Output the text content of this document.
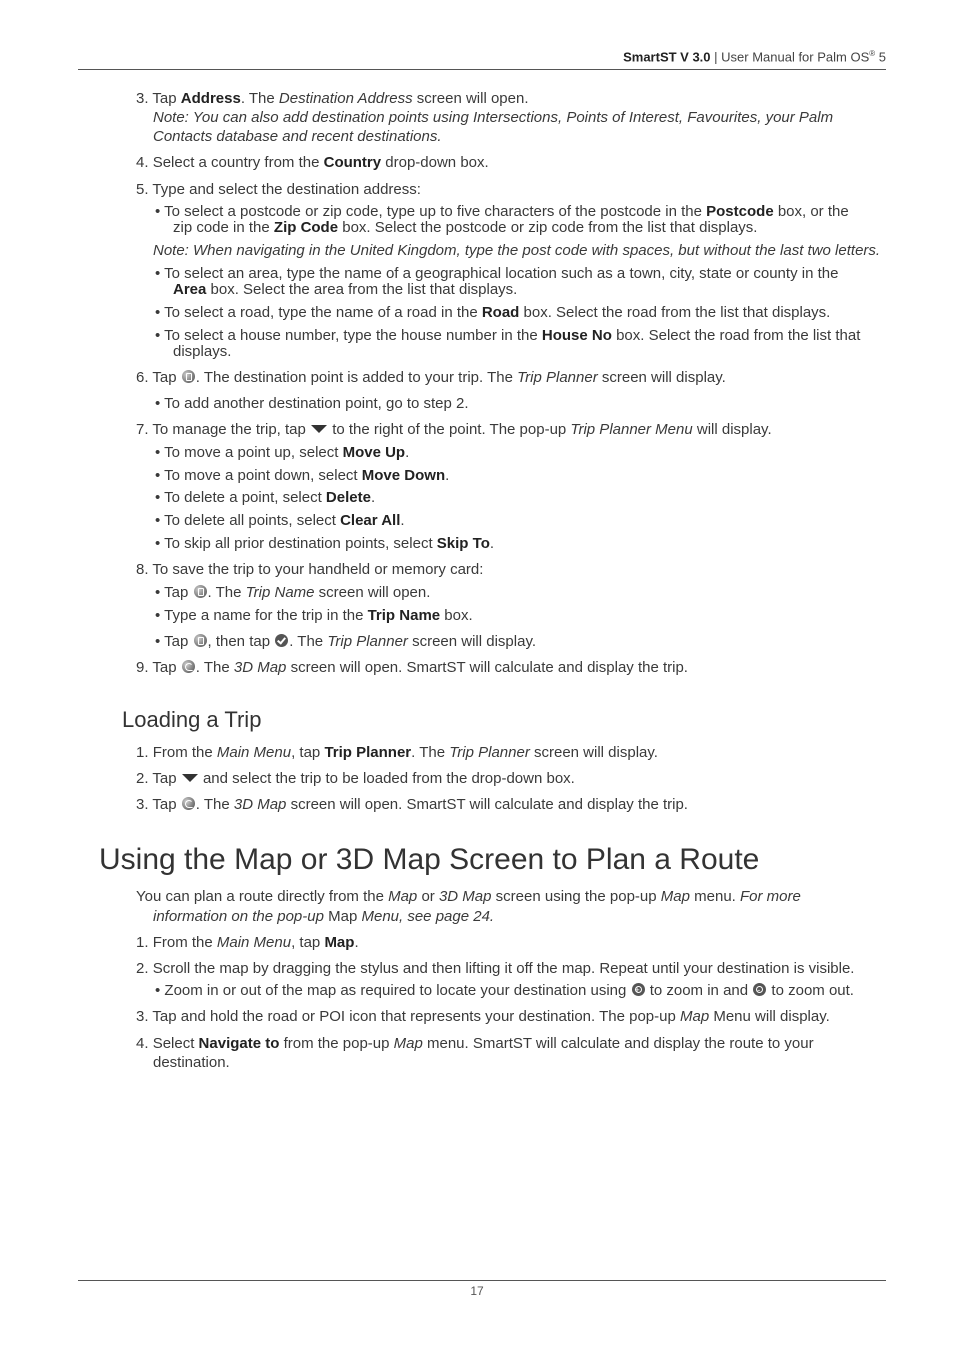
SmartST V 3.0 | User Manual for Palm OS® 5
3. Tap Address. The Destination Address screen will open.
Note: You can also add destination points using Intersections, Points of Interest, Favourites, your Palm
Contacts database and recent destinations.
4. Select a country from the Country drop-down box.
5. Type and select the destination address:
• To select a postcode or zip code, type up to five characters of the postcode in the Postcode box, or the
zip code in the Zip Code box. Select the postcode or zip code from the list that displays.
Note: When navigating in the United Kingdom, type the post code with spaces, but without the last two letters.
• To select an area, type the name of a geographical location such as a town, city, state or county in the
Area box. Select the area from the list that displays.
• To select a road, type the name of a road in the Road box. Select the road from the list that displays.
• To select a house number, type the house number in the House No box. Select the road from the list that
displays.
6. Tap . The destination point is added to your trip. The Trip Planner screen will display.
• To add another destination point, go to step 2.
7. To manage the trip, tap  to the right of the point. The pop-up Trip Planner Menu will display.
• To move a point up, select Move Up.
• To move a point down, select Move Down.
• To delete a point, select Delete.
• To delete all points, select Clear All.
• To skip all prior destination points, select Skip To.
8. To save the trip to your handheld or memory card:
• Tap . The Trip Name screen will open.
• Type a name for the trip in the Trip Name box.
• Tap , then tap . The Trip Planner screen will display.
9. Tap . The 3D Map screen will open. SmartST will calculate and display the trip.
Loading a Trip
1. From the Main Menu, tap Trip Planner. The Trip Planner screen will display.
2. Tap  and select the trip to be loaded from the drop-down box.
3. Tap . The 3D Map screen will open. SmartST will calculate and display the trip.
Using the Map or 3D Map Screen to Plan a Route
You can plan a route directly from the Map or 3D Map screen using the pop-up Map menu. For more
information on the pop-up Map Menu, see page 24.
1. From the Main Menu, tap Map.
2. Scroll the map by dragging the stylus and then lifting it off the map. Repeat until your destination is visible.
• Zoom in or out of the map as required to locate your destination using + to zoom in and - to zoom out.
3. Tap and hold the road or POI icon that represents your destination. The pop-up Map Menu will display.
4. Select Navigate to from the pop-up Map menu. SmartST will calculate and display the route to your
destination.
17
